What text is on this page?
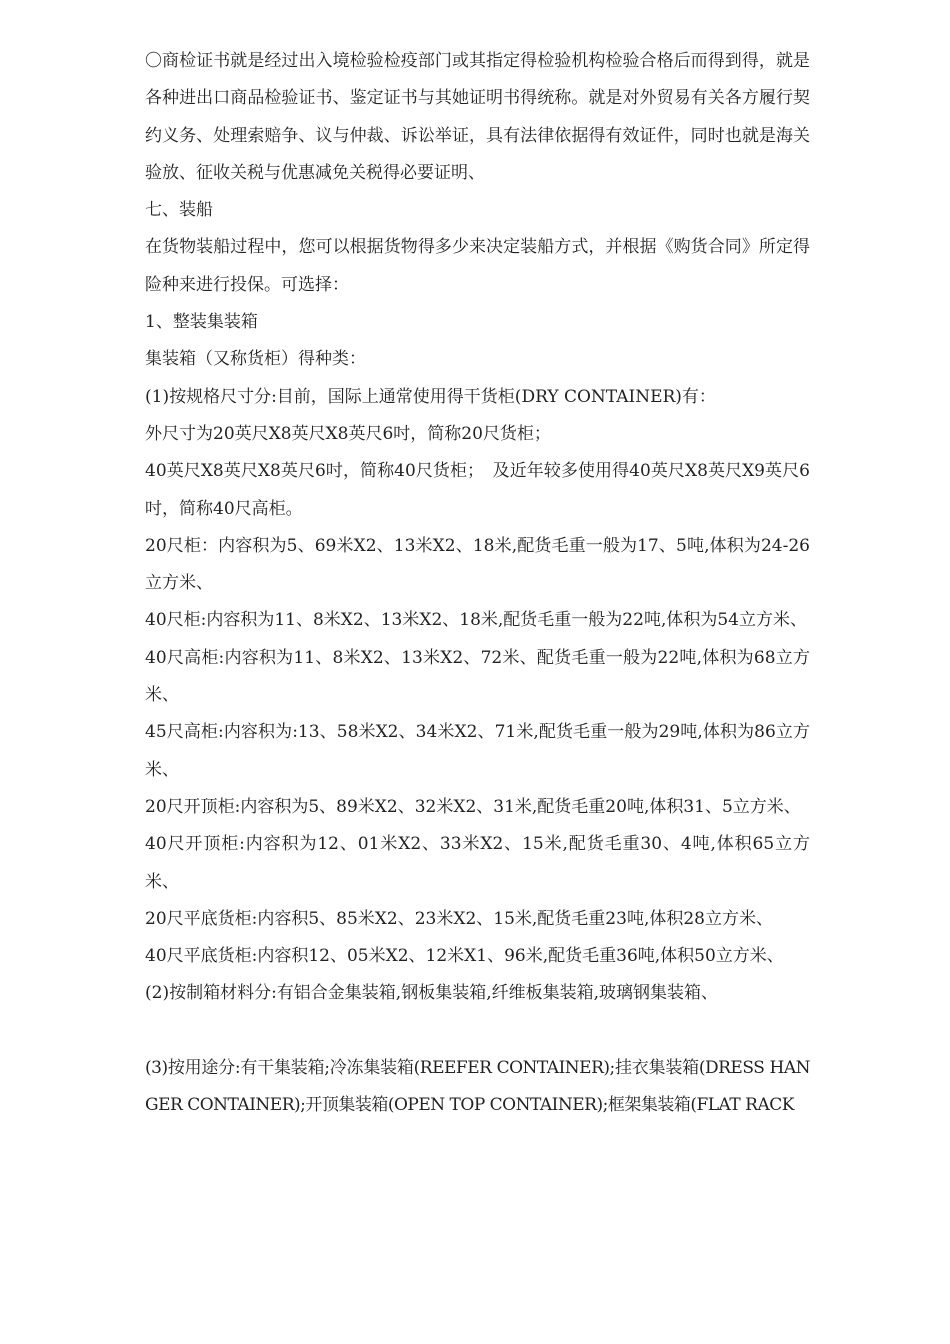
〇商检证书就是经过出入境检验检疫部门或其指定得检验机构检验合格后而得到得，就是各种进出口商品检验证书、鉴定证书与其她证明书得统称。就是对外贸易有关各方履行契约义务、处理索赔争、议与仲裁、诉讼举证，具有法律依据得有效证件，同时也就是海关验放、征收关税与优惠减免关税得必要证明、

七、装船

在货物装船过程中，您可以根据货物得多少来决定装船方式，并根据《购货合同》所定得险种来进行投保。可选择：

1、整装集装箱

集装箱（又称货柜）得种类：

(1)按规格尺寸分:目前，国际上通常使用得干货柜(DRY CONTAINER)有：

外尺寸为20英尺X8英尺X8英尺6吋，简称20尺货柜；

40英尺X8英尺X8英尺6吋，简称40尺货柜；　及近年较多使用得40英尺X8英尺X9英尺6吋，简称40尺高柜。

20尺柜：内容积为5、69米X2、13米X2、18米,配货毛重一般为17、5吨,体积为24-26立方米、

40尺柜:内容积为11、8米X2、13米X2、18米,配货毛重一般为22吨,体积为54立方米、

40尺高柜:内容积为11、8米X2、13米X2、72米、配货毛重一般为22吨,体积为68立方米、

45尺高柜:内容积为:13、58米X2、34米X2、71米,配货毛重一般为29吨,体积为86立方米、

20尺开顶柜:内容积为5、89米X2、32米X2、31米,配货毛重20吨,体积31、5立方米、

40尺开顶柜:内容积为12、01米X2、33米X2、15米,配货毛重30、4吨,体积65立方米、

20尺平底货柜:内容积5、85米X2、23米X2、15米,配货毛重23吨,体积28立方米、

40尺平底货柜:内容积12、05米X2、12米X1、96米,配货毛重36吨,体积50立方米、

(2)按制箱材料分:有铝合金集装箱,钢板集装箱,纤维板集装箱,玻璃钢集装箱、

(3)按用途分:有干集装箱;冷冻集装箱(REEFER CONTAINER);挂衣集装箱(DRESS HANGER CONTAINER);开顶集装箱(OPEN TOP CONTAINER);框架集装箱(FLAT RACK
